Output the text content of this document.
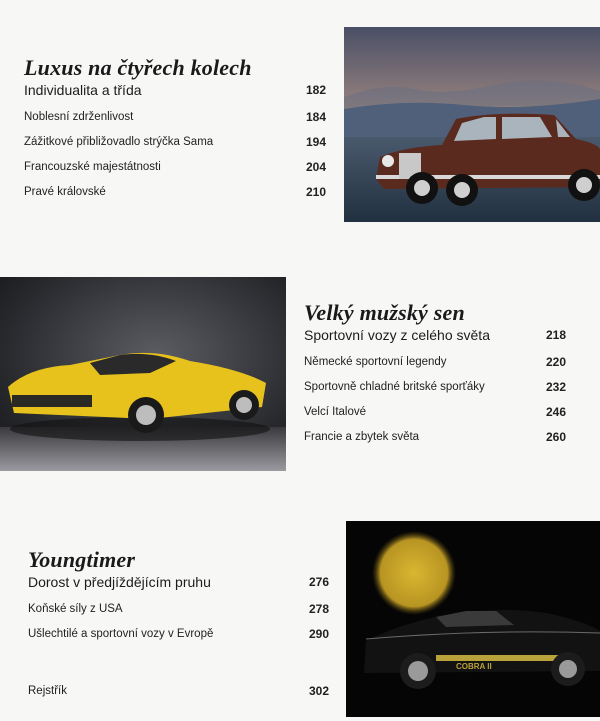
Luxus na čtyřech kolech
Individualita a třída	182
Noblesní zdrženlivost	184
Zážitkové přibližovadlo strýčka Sama	194
Francouzské majestátnosti	204
Pravé královské	210
Velký mužský sen
Sportovní vozy z celého světa	218
Německé sportovní legendy	220
Sportovně chladné britské sporťáky	232
Velcí Italové	246
Francie a zbytek světa	260
Youngtimer
Dorost v předjíždějícím pruhu	276
Koňské síly z USA	278
Ušlechtilé a sportovní vozy v Evropě	290
Rejstřík	302
COBRA II
